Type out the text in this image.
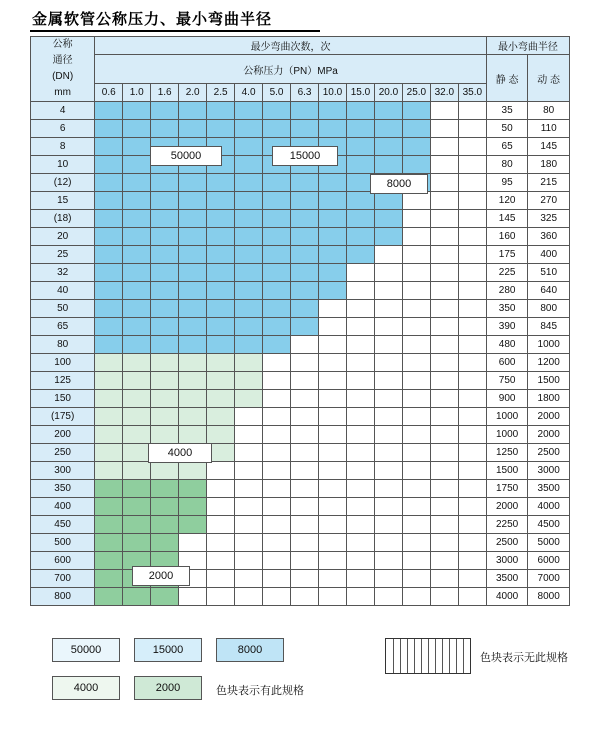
金属软管公称压力、最小弯曲半径
公称
通径
(DN)
mm	最少弯曲次数，次														最小弯曲半径	
	公称压力（PN）MPa														静 态	动 态
	0.6	1.0	1.6	2.0	2.5	4.0	5.0	6.3	10.0	15.0	20.0	25.0	32.0	35.0		
4															35	80
6															50	110
8															65	145
10															80	180
(12)															95	215
15															120	270
(18)															145	325
20															160	360
25															175	400
32															225	510
40															280	640
50															350	800
65															390	845
80															480	1000
100															600	1200
125															750	1500
150															900	1800
(175)															1000	2000
200															1000	2000
250															1250	2500
300															1500	3000
350															1750	3500
400															2000	4000
450															2250	4500
500															2500	5000
600															3000	6000
700															3500	7000
800															4000	8000
50000	15000
8000
4000
2000
50000	15000	8000
4000	2000	色块表示有此规格
色块表示无此规格
